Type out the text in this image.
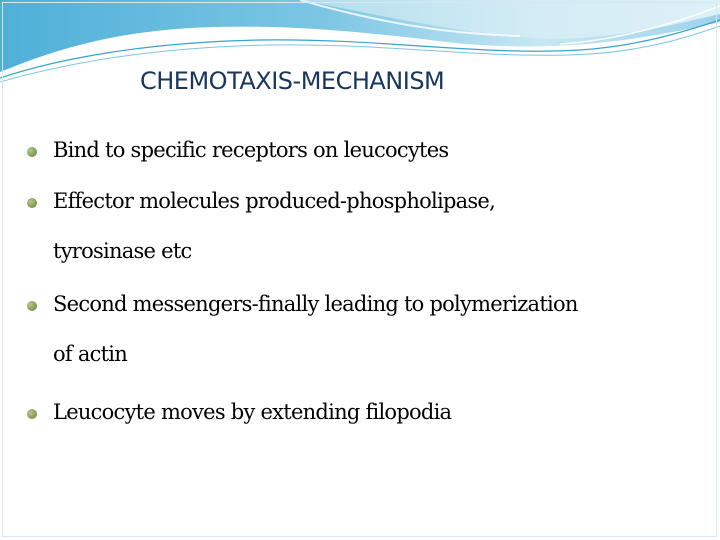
CHEMOTAXIS-MECHANISM

Bind to specific receptors on leucocytes

Effector molecules produced-phospholipase,

tyrosinase etc

Second messengers-finally leading to polymerization

of actin

Leucocyte moves by extending filopodia
